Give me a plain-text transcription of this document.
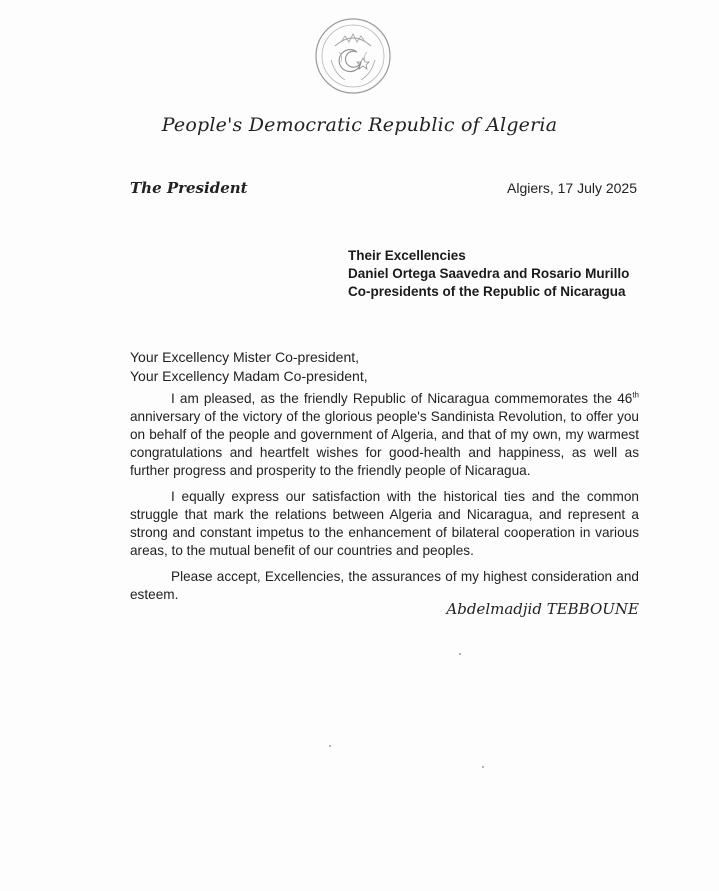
People's Democratic Republic of Algeria
The President	Algiers, 17 July 2025
Their Excellencies
Daniel Ortega Saavedra and Rosario Murillo
Co-presidents of the Republic of Nicaragua
Your Excellency Mister Co-president,
Your Excellency Madam Co-president,

I am pleased, as the friendly Republic of Nicaragua commemorates the 46th anniversary of the victory of the glorious people's Sandinista Revolution, to offer you on behalf of the people and government of Algeria, and that of my own, my warmest congratulations and heartfelt wishes for good-health and happiness, as well as further progress and prosperity to the friendly people of Nicaragua.

I equally express our satisfaction with the historical ties and the common struggle that mark the relations between Algeria and Nicaragua, and represent a strong and constant impetus to the enhancement of bilateral cooperation in various areas, to the mutual benefit of our countries and peoples.

Please accept, Excellencies, the assurances of my highest consideration and esteem.

Abdelmadjid TEBBOUNE
